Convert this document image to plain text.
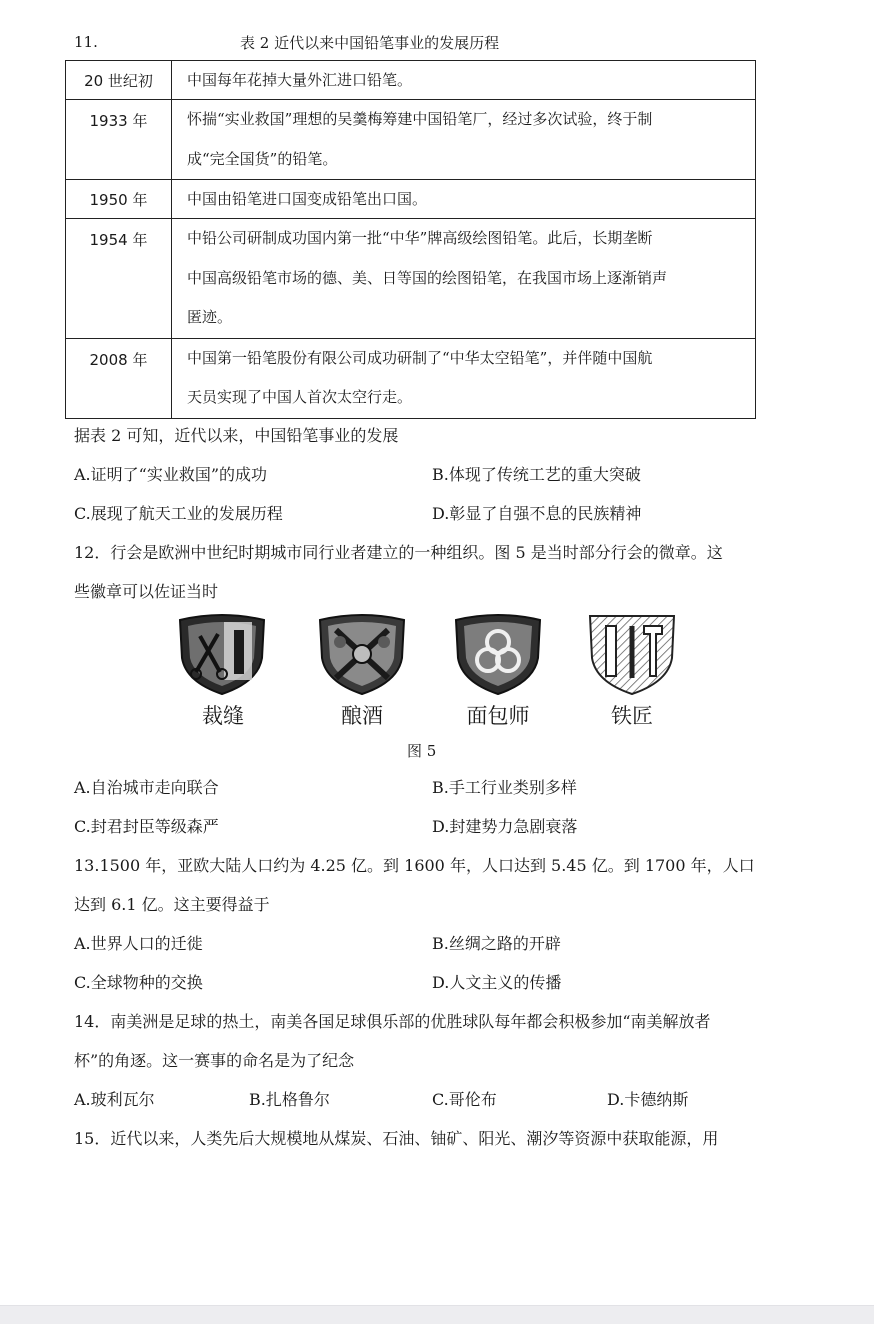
11.	表 2 近代以来中国铅笔事业的发展历程
20 世纪初	中国每年花掉大量外汇进口铅笔。
1933 年	怀揣“实业救国”理想的吴羹梅筹建中国铅笔厂，经过多次试验，终于制
成“完全国货”的铅笔。

1950 年	中国由铅笔进口国变成铅笔出口国。
1954 年	中铅公司研制成功国内第一批“中华”牌高级绘图铅笔。此后，长期垄断
中国高级铅笔市场的德、美、日等国的绘图铅笔，在我国市场上逐渐销声
匿迹。

2008 年	中国第一铅笔股份有限公司成功研制了“中华太空铅笔”，并伴随中国航
天员实现了中国人首次太空行走。
据表 2 可知，近代以来，中国铅笔事业的发展
A.证明了“实业救国”的成功	B.体现了传统工艺的重大突破
C.展现了航天工业的发展历程	D.彰显了自强不息的民族精神
12．行会是欧洲中世纪时期城市同行业者建立的一种组织。图 5 是当时部分行会的微章。这
些徽章可以佐证当时
裁缝	酿酒	面包师	铁匠
图 5
A.自治城市走向联合	B.手工行业类别多样
C.封君封臣等级森严	D.封建势力急剧衰落
13.1500 年，亚欧大陆人口约为 4.25 亿。到 1600 年，人口达到 5.45 亿。到 1700 年，人口
达到 6.1 亿。这主要得益于
A.世界人口的迁徙	B.丝绸之路的开辟
C.全球物种的交换	D.人文主义的传播
14．南美洲是足球的热土，南美各国足球俱乐部的优胜球队每年都会积极参加“南美解放者
杯”的角逐。这一赛事的命名是为了纪念
A.玻利瓦尔	B.扎格鲁尔	C.哥伦布	D.卡德纳斯
15．近代以来，人类先后大规模地从煤炭、石油、铀矿、阳光、潮汐等资源中获取能源，用
